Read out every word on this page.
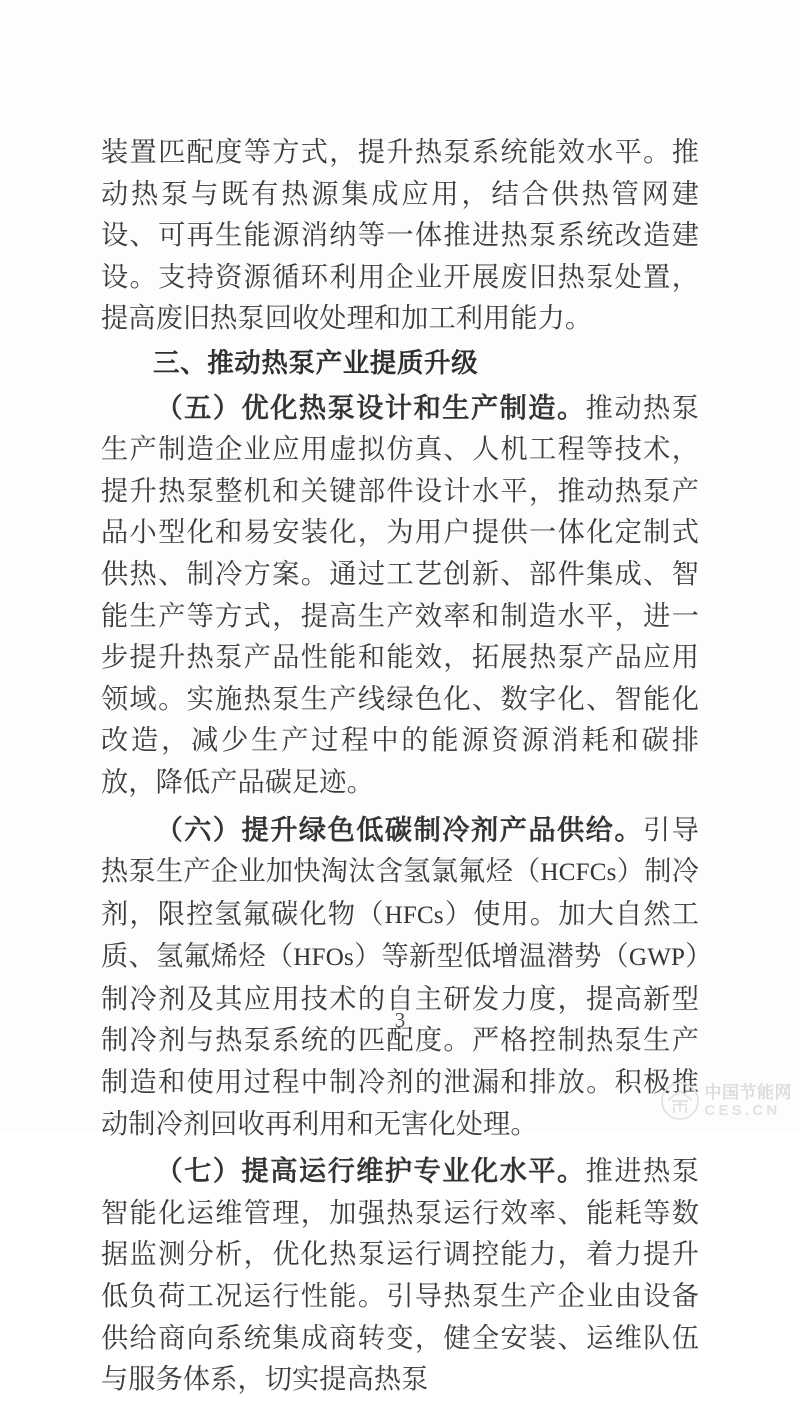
装置匹配度等方式，提升热泵系统能效水平。推动热泵与既有热源集成应用，结合供热管网建设、可再生能源消纳等一体推进热泵系统改造建设。支持资源循环利用企业开展废旧热泵处置，提高废旧热泵回收处理和加工利用能力。

三、推动热泵产业提质升级

（五）优化热泵设计和生产制造。推动热泵生产制造企业应用虚拟仿真、人机工程等技术，提升热泵整机和关键部件设计水平，推动热泵产品小型化和易安装化，为用户提供一体化定制式供热、制冷方案。通过工艺创新、部件集成、智能生产等方式，提高生产效率和制造水平，进一步提升热泵产品性能和能效，拓展热泵产品应用领域。实施热泵生产线绿色化、数字化、智能化改造，减少生产过程中的能源资源消耗和碳排放，降低产品碳足迹。

（六）提升绿色低碳制冷剂产品供给。引导热泵生产企业加快淘汰含氢氯氟烃（HCFCs）制冷剂，限控氢氟碳化物（HFCs）使用。加大自然工质、氢氟烯烃（HFOs）等新型低增温潜势（GWP）制冷剂及其应用技术的自主研发力度，提高新型制冷剂与热泵系统的匹配度。严格控制热泵生产制造和使用过程中制冷剂的泄漏和排放。积极推动制冷剂回收再利用和无害化处理。

（七）提高运行维护专业化水平。推进热泵智能化运维管理，加强热泵运行效率、能耗等数据监测分析，优化热泵运行调控能力，着力提升低负荷工况运行性能。引导热泵生产企业由设备供给商向系统集成商转变，健全安装、运维队伍与服务体系，切实提高热泵

3
中国节能网
CES.CN
